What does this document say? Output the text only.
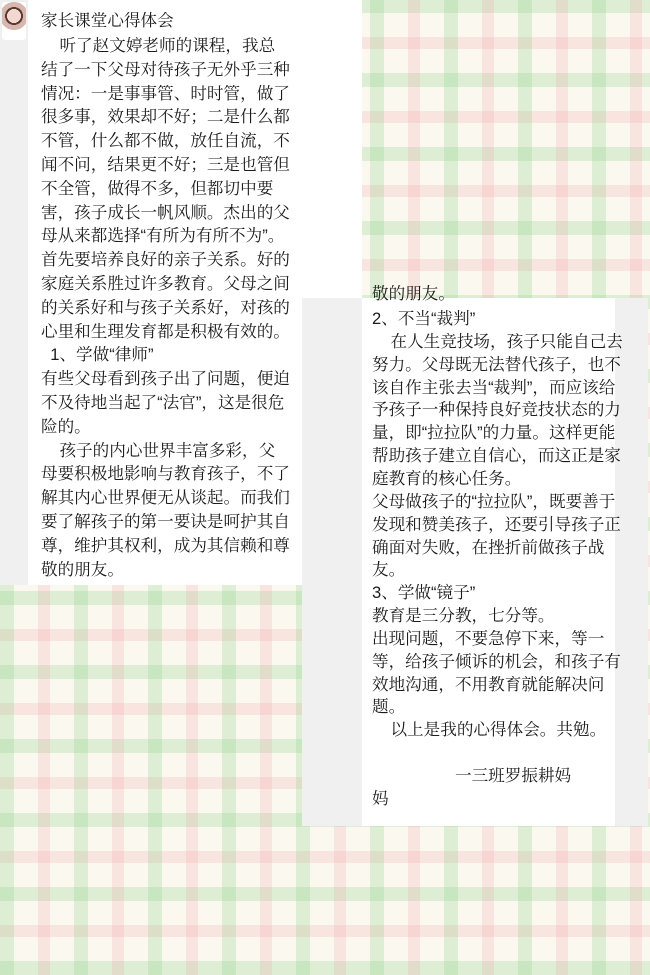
家长课堂心得体会

听了赵文婷老师的课程，我总

结了一下父母对待孩子无外乎三种

情况：一是事事管、时时管，做了

很多事，效果却不好；二是什么都

不管，什么都不做，放任自流，不

闻不问，结果更不好；三是也管但

不全管，做得不多，但都切中要

害，孩子成长一帆风顺。杰出的父

母从来都选择“有所为有所不为”。

首先要培养良好的亲子关系。好的

家庭关系胜过许多教育。父母之间

的关系好和与孩子关系好，对孩的

心里和生理发育都是积极有效的。

1、学做“律师”

有些父母看到孩子出了问题，便迫

不及待地当起了“法官”，这是很危

险的。

孩子的内心世界丰富多彩，父

母要积极地影响与教育孩子，不了

解其内心世界便无从谈起。而我们

要了解孩子的第一要诀是呵护其自

尊，维护其权利，成为其信赖和尊

敬的朋友。

敬的朋友。

2、不当“裁判”

在人生竞技场，孩子只能自己去

努力。父母既无法替代孩子，也不

该自作主张去当“裁判”，而应该给

予孩子一种保持良好竞技状态的力

量，即“拉拉队”的力量。这样更能

帮助孩子建立自信心，而这正是家

庭教育的核心任务。

父母做孩子的“拉拉队”，既要善于

发现和赞美孩子，还要引导孩子正

确面对失败，在挫折前做孩子战

友。

3、学做“镜子”

教育是三分教，七分等。

出现问题，不要急停下来，等一

等，给孩子倾诉的机会，和孩子有

效地沟通，不用教育就能解决问

题。

以上是我的心得体会。共勉。

一三班罗振耕妈

妈
